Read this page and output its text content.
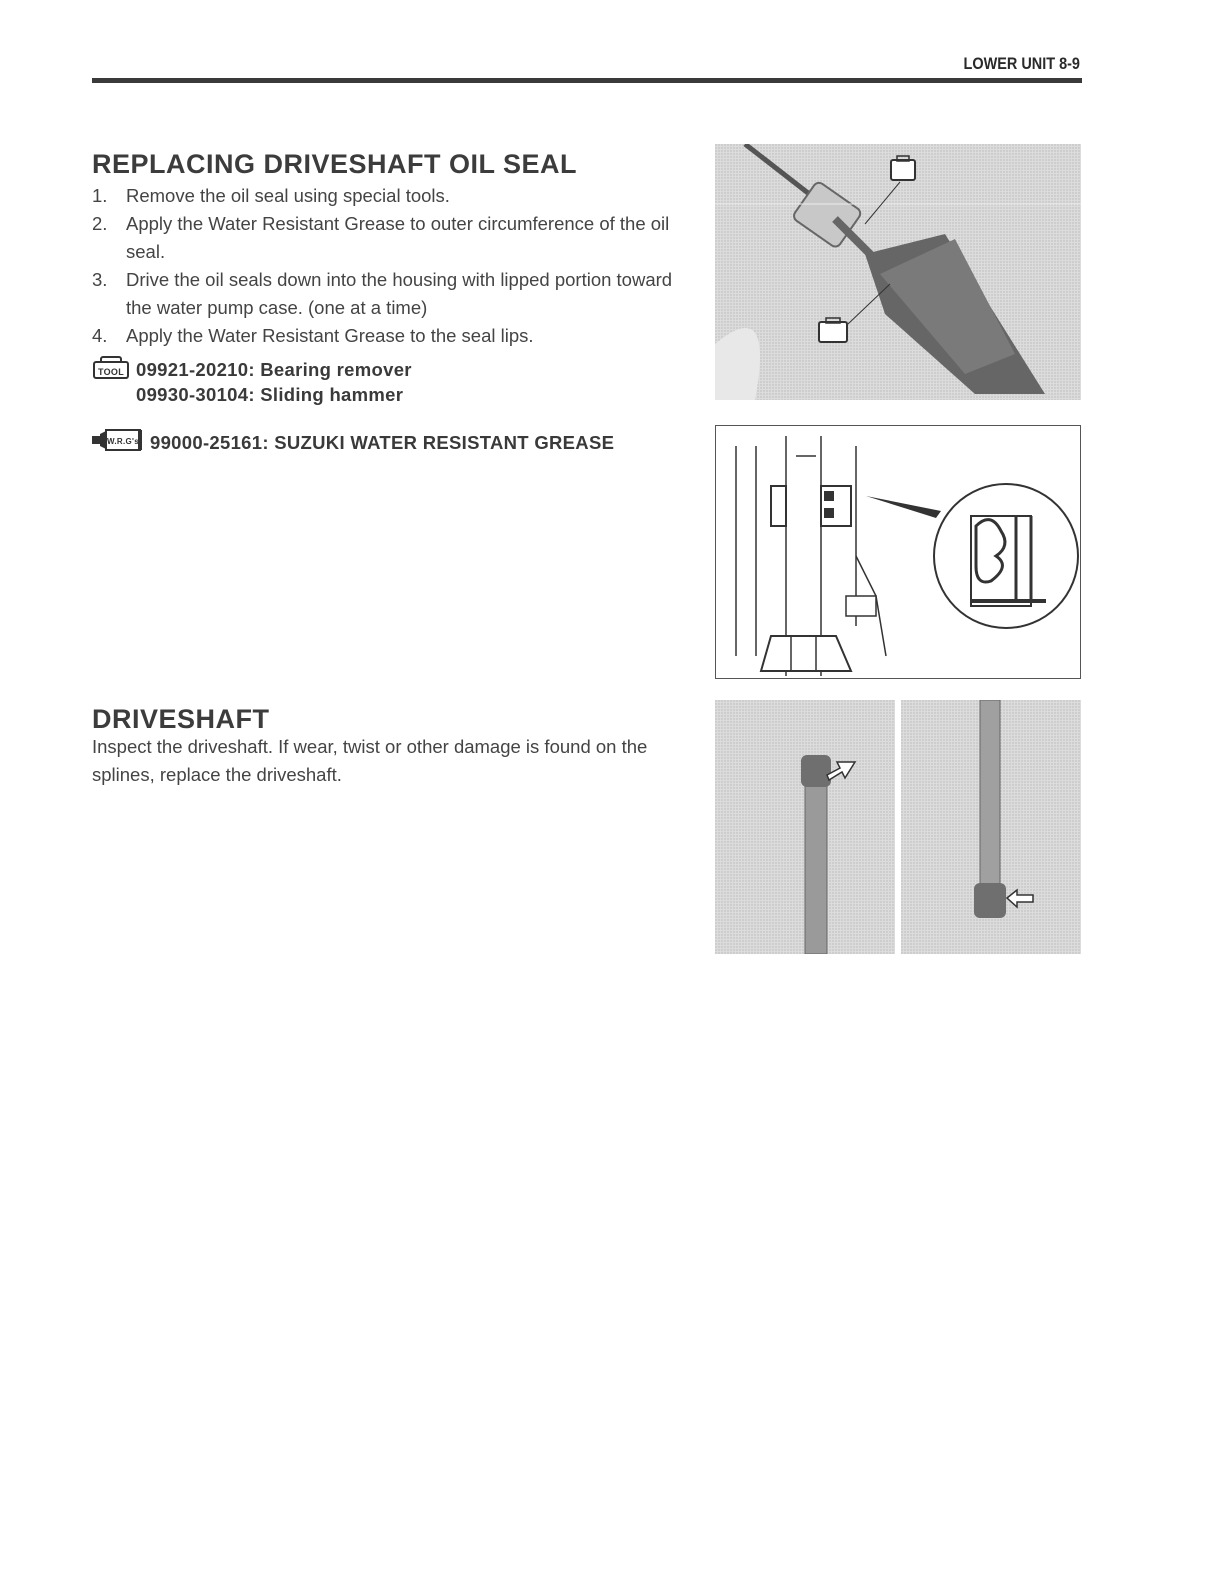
LOWER UNIT 8-9
REPLACING DRIVESHAFT OIL SEAL
1. Remove the oil seal using special tools.
2. Apply the Water Resistant Grease to outer circumference of the oil seal.
3. Drive the oil seals down into the housing with lipped portion toward the water pump case. (one at a time)
4. Apply the Water Resistant Grease to the seal lips.
TOOL 09921-20210: Bearing remover
09930-30104: Sliding hammer
W.R.G's 99000-25161: SUZUKI WATER RESISTANT GREASE
DRIVESHAFT
Inspect the driveshaft. If wear, twist or other damage is found on the splines, replace the driveshaft.
